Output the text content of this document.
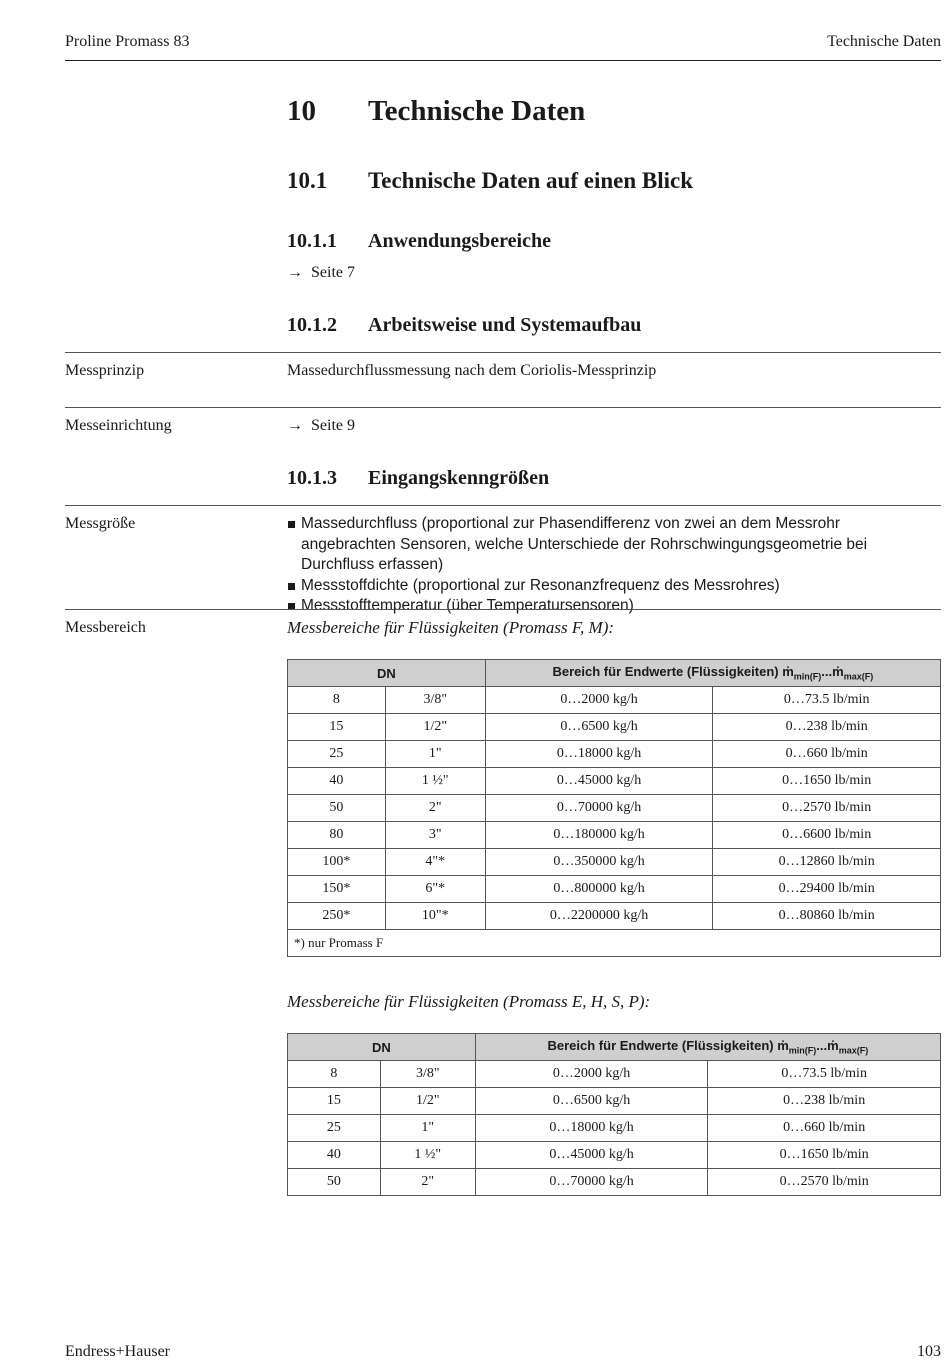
Proline Promass 83	Technische Daten
10 Technische Daten
10.1 Technische Daten auf einen Blick
10.1.1 Anwendungsbereiche
→ Seite 7
10.1.2 Arbeitsweise und Systemaufbau
Messprinzip	Massedurchflussmessung nach dem Coriolis-Messprinzip
Messeinrichtung	→ Seite 9
10.1.3 Eingangskenngrößen
Messgröße	Massedurchfluss (proportional zur Phasendifferenz von zwei an dem Messrohr angebrachten Sensoren, welche Unterschiede der Rohrschwingungsgeometrie bei Durchfluss erfassen)
Messstoffdichte (proportional zur Resonanzfrequenz des Messrohres)
Messstofftemperatur (über Temperatursensoren)
Messbereich	Messbereiche für Flüssigkeiten (Promass F, M):
DN		Bereich für Endwerte (Flüssigkeiten) ṁ$_{min(F)}$...ṁ$_{max(F)}$
8	3/8"	0…2000 kg/h	0…73.5 lb/min
15	1/2"	0…6500 kg/h	0…238 lb/min
25	1"	0…18000 kg/h	0…660 lb/min
40	1 ½"	0…45000 kg/h	0…1650 lb/min
50	2"	0…70000 kg/h	0…2570 lb/min
80	3"	0…180000 kg/h	0…6600 lb/min
100*	4"*	0…350000 kg/h	0…12860 lb/min
150*	6"*	0…800000 kg/h	0…29400 lb/min
250*	10"*	0…2200000 kg/h	0…80860 lb/min
*) nur Promass F			
Messbereiche für Flüssigkeiten (Promass E, H, S, P):
DN		Bereich für Endwerte (Flüssigkeiten) ṁ$_{min(F)}$...ṁ$_{max(F)}$
8	3/8"	0…2000 kg/h	0…73.5 lb/min
15	1/2"	0…6500 kg/h	0…238 lb/min
25	1"	0…18000 kg/h	0…660 lb/min
40	1 ½"	0…45000 kg/h	0…1650 lb/min
50	2"	0…70000 kg/h	0…2570 lb/min
Endress+Hauser	103
